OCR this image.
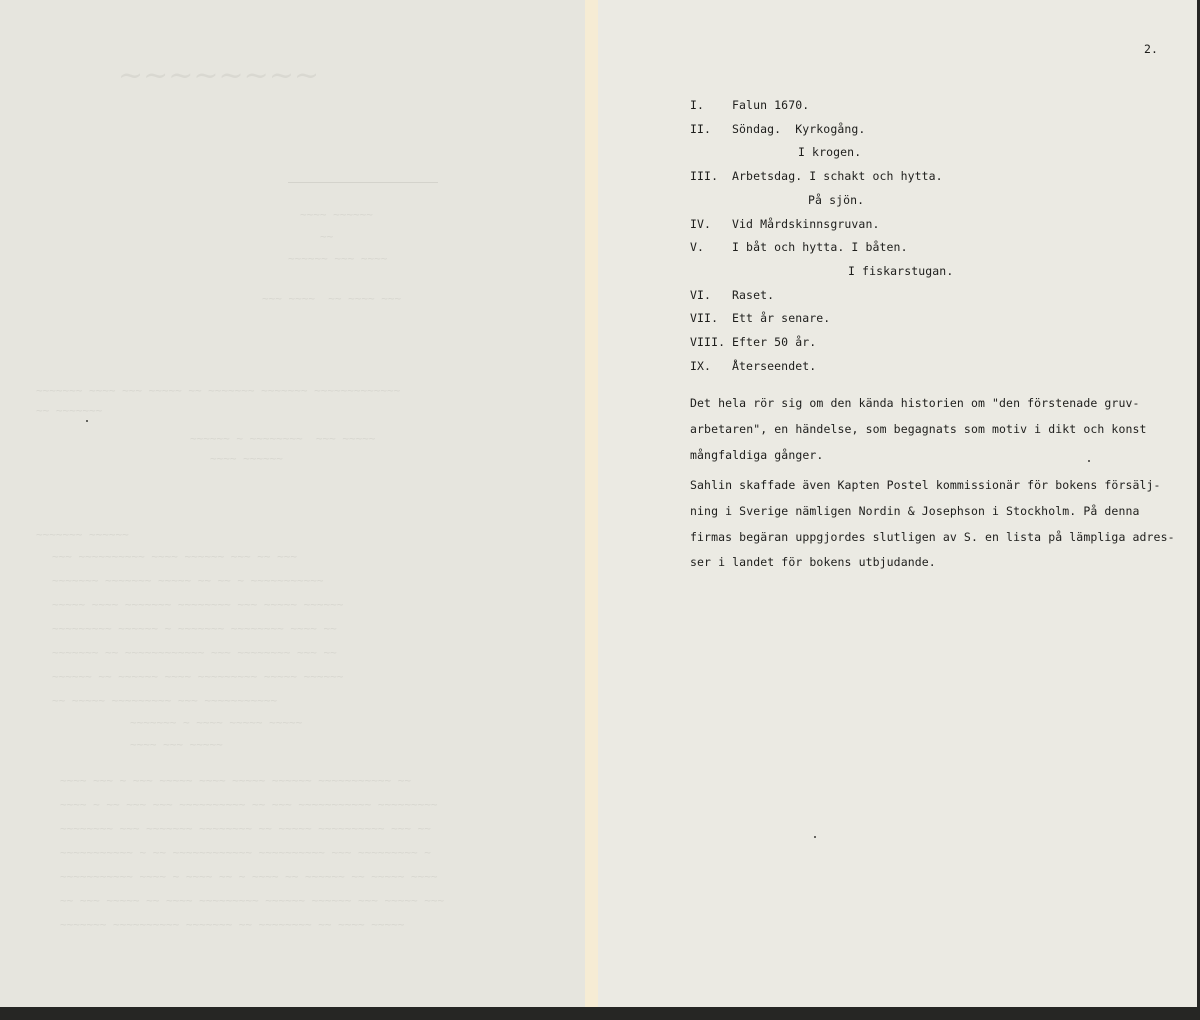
~~~~~~~~
~~~~ ~~~~~~
~~
~~~~~~ ~~~ ~~~~
~~~ ~~~~  ~~ ~~~~ ~~~
~~~~~~~ ~~~~ ~~~ ~~~~~ ~~ ~~~~~~~ ~~~~~~~ ~~~~~~~~~~~~~
~~ ~~~~~~~
~~~~~~ ~ ~~~~~~~~  ~~~ ~~~~~
~~~~ ~~~~~~
~~~~~~~ ~~~~~~
~~~ ~~~~~~~~~~ ~~~~ ~~~~~~ ~~~ ~~ ~~~
~~~~~~~ ~~~~~~~ ~~~~~ ~~ ~~ ~ ~~~~~~~~~~~
~~~~~ ~~~~ ~~~~~~~ ~~~~~~~~ ~~~ ~~~~~ ~~~~~~
~~~~~~~~~ ~~~~~~ ~ ~~~~~~~ ~~~~~~~~ ~~~~ ~~
~~~~~~~ ~~ ~~~~~~~~~~~~ ~~~ ~~~~~~~~ ~~~ ~~
~~~~~~ ~~ ~~~~~~ ~~~~ ~~~~~~~~~ ~~~~~ ~~~~~~
~~ ~~~~~ ~~~~~~~~~ ~~~ ~~~~~~~~~~~
~~~~~~~ ~ ~~~~ ~~~~~ ~~~~~
~~~~ ~~~ ~~~~~
~~~~ ~~~ ~ ~~~ ~~~~~ ~~~~ ~~~~~ ~~~~~~ ~~~~~~~~~~~ ~~
~~~~ ~ ~~ ~~~ ~~~ ~~~~~~~~~~ ~~ ~~~ ~~~~~~~~~~~ ~~~~~~~~~
~~~~~~~~ ~~~ ~~~~~~~ ~~~~~~~~ ~~ ~~~~~ ~~~~~~~~~~ ~~~ ~~
~~~~~~~~~~~ ~ ~~ ~~~~~~~~~~~~ ~~~~~~~~~~ ~~~ ~~~~~~~~~ ~
~~~~~~~~~~~ ~~~~ ~ ~~~~ ~~ ~ ~~~~ ~~ ~~~~~~ ~~ ~~~~~ ~~~~
~~ ~~~ ~~~~~ ~~ ~~~~ ~~~~~~~~~ ~~~~~~ ~~~~~~ ~~~ ~~~~~ ~~~
~~~~~~~ ~~~~~~~~~~ ~~~~~~~ ~~ ~~~~~~~~ ~~ ~~~~ ~~~~~
2.
I. Falun 1670.
II. Söndag.  Kyrkogång.
I krogen.
III. Arbetsdag. I schakt och hytta.
På sjön.
IV. Vid Mårdskinnsgruvan.
V. I båt och hytta. I båten.
I fiskarstugan.
VI. Raset.
VII. Ett år senare.
VIII. Efter 50 år.
IX. Återseendet.
Det hela rör sig om den kända historien om "den förstenade gruv-
arbetaren", en händelse, som begagnats som motiv i dikt och konst
mångfaldiga gånger.
Sahlin skaffade även Kapten Postel kommissionär för bokens försälj-
ning i Sverige nämligen Nordin & Josephson i Stockholm. På denna
firmas begäran uppgjordes slutligen av S. en lista på lämpliga adres-
ser i landet för bokens utbjudande.
